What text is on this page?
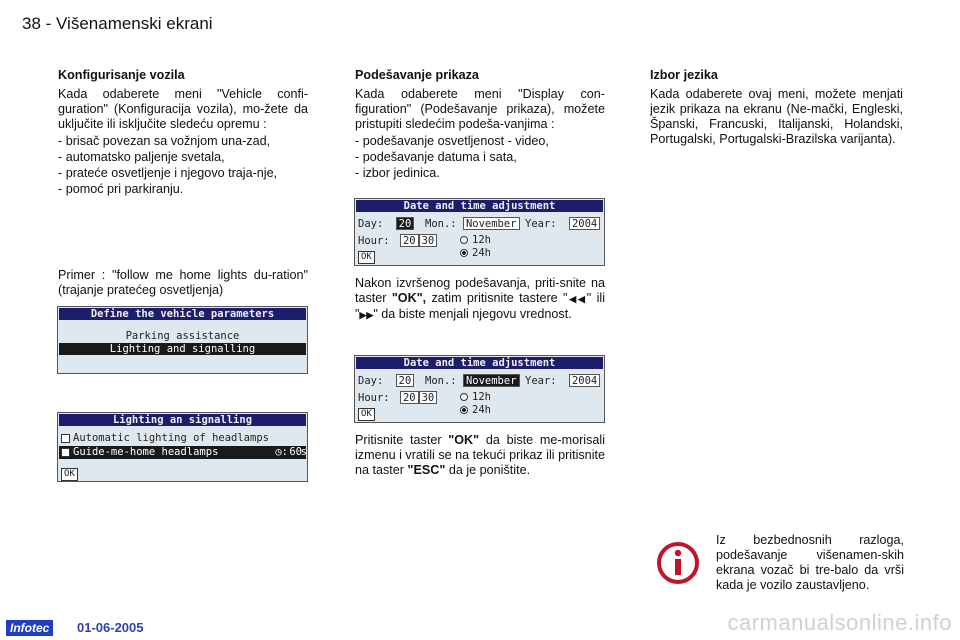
38 - Višenamenski ekrani
Konfigurisanje vozila

Kada odaberete meni "Vehicle confi-guration" (Konfiguracija vozila), mo-žete da uključite ili isključite sledeću opremu :

- brisač povezan sa vožnjom una-zad,
- automatsko paljenje svetala,
- prateće osvetljenje i njegovo traja-nje,
- pomoć pri parkiranju.
Primer : "follow me home lights du-ration" (trajanje pratećeg osvetljenja)
Define the vehicle parameters
Parking assistance
Lighting and signalling
Lighting an signalling
Automatic lighting of headlamps
✓ Guide-me-home headlamps	◷: 60
s
OK
Podešavanje prikaza

Kada odaberete meni "Display con-figuration" (Podešavanje prikaza), možete pristupiti sledećim podeša-vanjima :

- podešavanje osvetljenost - video,
- podešavanje datuma i sata,
- izbor jedinica.
Date and time adjustment
Day: 20 Mon.: November Year: 2004
Hour: 20 30	12h
24h
OK
Nakon izvršenog podešavanja, priti-snite na taster "OK", zatim pritisnite tastere "◀◀" ili "▶▶" da biste menjali njegovu vrednost.
Date and time adjustment
Day: 20 Mon.: November Year: 2004
Hour: 20 30	12h
24h
OK
Pritisnite taster "OK" da biste me-morisali izmenu i vratili se na tekući prikaz ili pritisnite na taster "ESC" da je poništite.
Izbor jezika

Kada odaberete ovaj meni, možete menjati jezik prikaza na ekranu (Ne-mački, Engleski, Španski, Francuski, Italijanski, Holandski, Portugalski, Portugalski-Brazilska varijanta).

Iz bezbednosnih razloga, podešavanje višenamen-skih ekrana vozač bi tre-balo da vrši kada je vozilo zaustavljeno.
Infotec	01-06-2005	carmanualsonline.info
